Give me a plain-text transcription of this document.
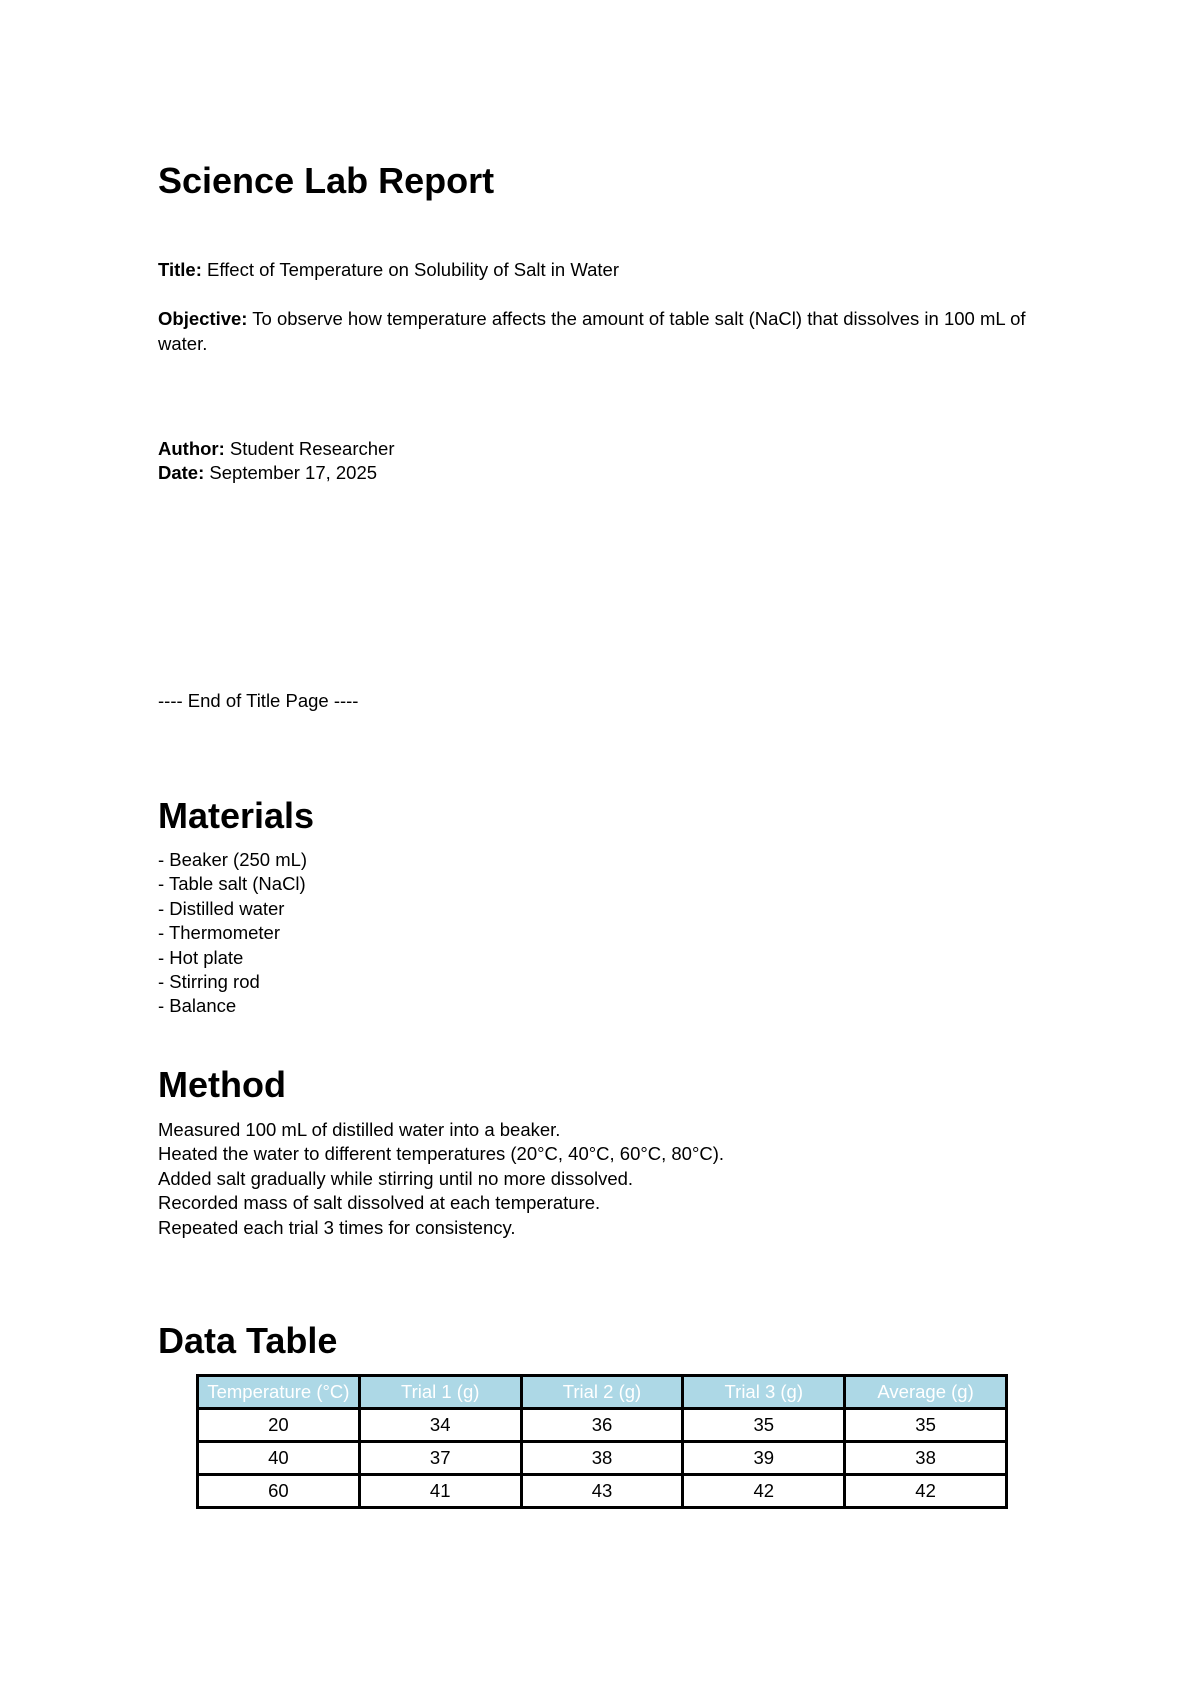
Science Lab Report
Title: Effect of Temperature on Solubility of Salt in Water
Objective: To observe how temperature affects the amount of table salt (NaCl) that dissolves in 100 mL of water.
Author: Student Researcher
Date: September 17, 2025
---- End of Title Page ----
Materials
- Beaker (250 mL)
- Table salt (NaCl)
- Distilled water
- Thermometer
- Hot plate
- Stirring rod
- Balance
Method
Measured 100 mL of distilled water into a beaker.
Heated the water to different temperatures (20°C, 40°C, 60°C, 80°C).
Added salt gradually while stirring until no more dissolved.
Recorded mass of salt dissolved at each temperature.
Repeated each trial 3 times for consistency.
Data Table
Temperature (°C)	Trial 1 (g)	Trial 2 (g)	Trial 3 (g)	Average (g)
20	34	36	35	35
40	37	38	39	38
60	41	43	42	42
